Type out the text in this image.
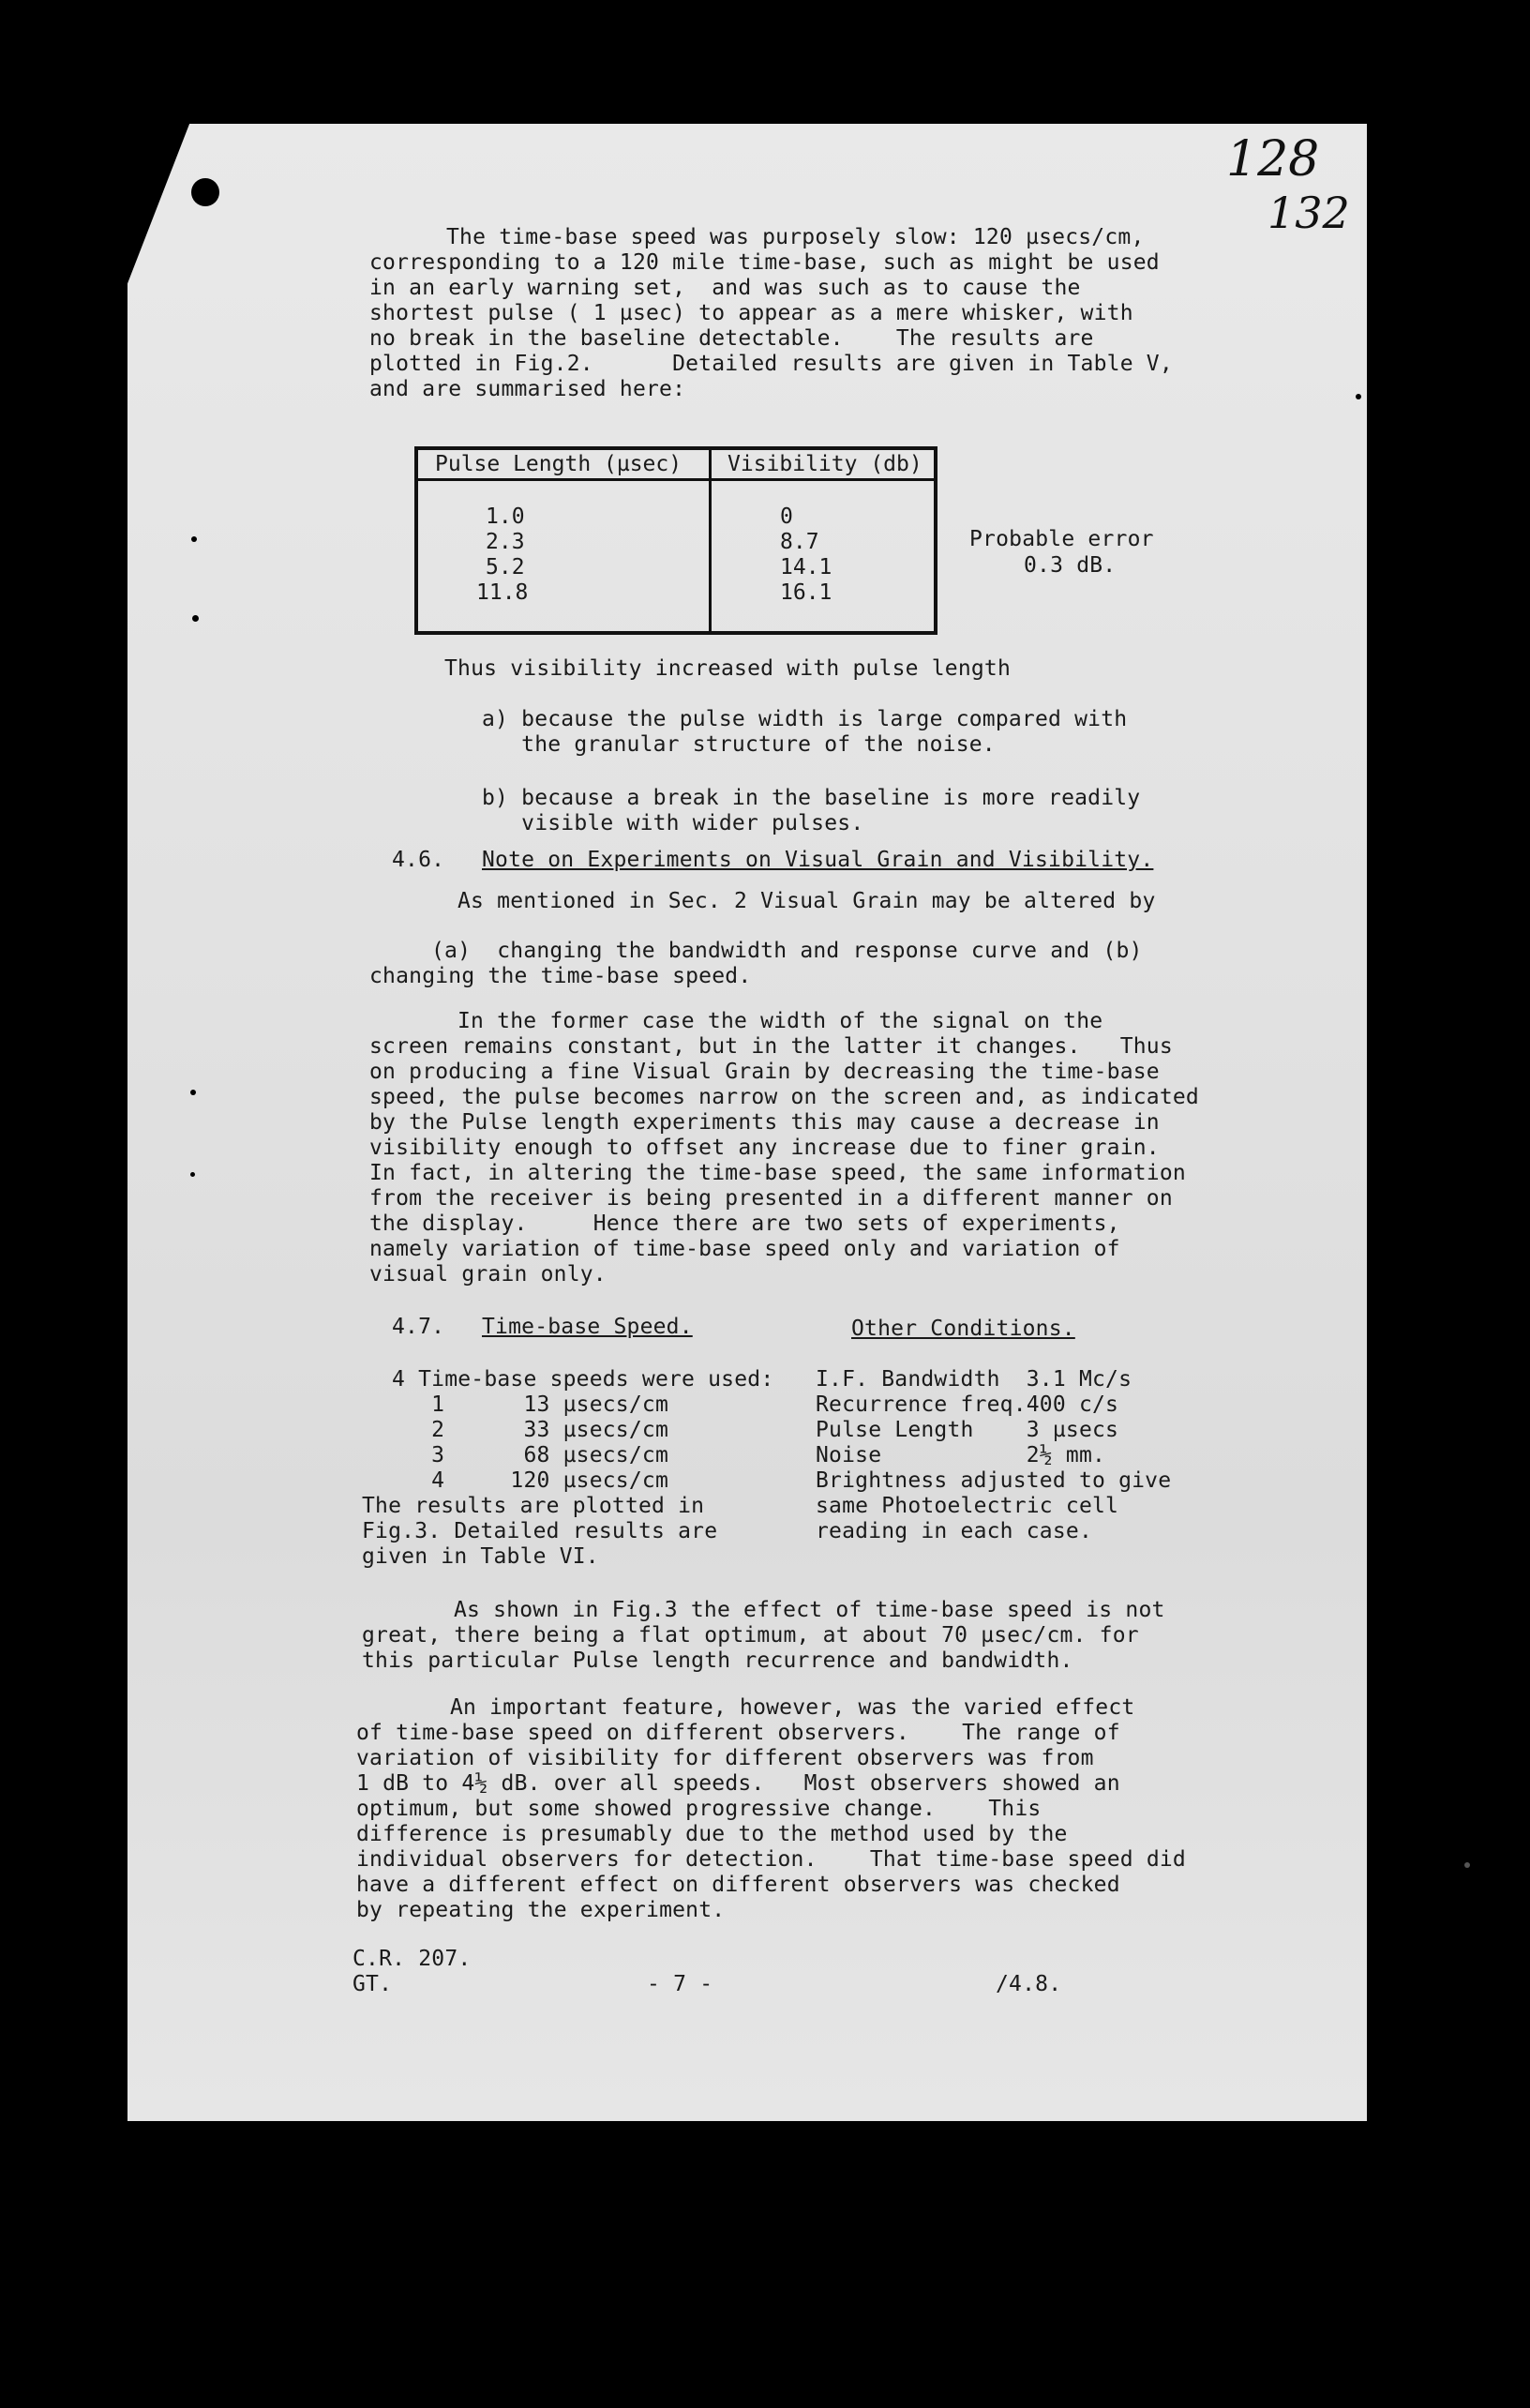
128
132
The time-base speed was purposely slow: 120 µsecs/cm,
corresponding to a 120 mile time-base, such as might be used
in an early warning set,  and was such as to cause the
shortest pulse ( 1 µsec) to appear as a mere whisker, with
no break in the baseline detectable.    The results are
plotted in Fig.2.      Detailed results are given in Table V,
and are summarised here:
Pulse Length (µsec) Visibility (db)
1.0	0
2.3	8.7
5.2	14.1
11.8	16.1
Probable error
0.3 dB.
Thus visibility increased with pulse length
a) because the pulse width is large compared with
the granular structure of the noise.
b) because a break in the baseline is more readily
visible with wider pulses.
4.6. Note on Experiments on Visual Grain and Visibility.
As mentioned in Sec. 2 Visual Grain may be altered by
(a)  changing the bandwidth and response curve and (b)
changing the time-base speed.
In the former case the width of the signal on the
screen remains constant, but in the latter it changes.   Thus
on producing a fine Visual Grain by decreasing the time-base
speed, the pulse becomes narrow on the screen and, as indicated
by the Pulse length experiments this may cause a decrease in
visibility enough to offset any increase due to finer grain.
In fact, in altering the time-base speed, the same information
from the receiver is being presented in a different manner on
the display.     Hence there are two sets of experiments,
namely variation of time-base speed only and variation of
visual grain only.
4.7. Time-base Speed.	Other Conditions.
4 Time-base speeds were used:
1      13 µsecs/cm
2      33 µsecs/cm
3      68 µsecs/cm
4     120 µsecs/cm
The results are plotted in
Fig.3. Detailed results are
given in Table VI.
I.F. Bandwidth  3.1 Mc/s
Recurrence freq.400 c/s
Pulse Length    3 µsecs
Noise           2½ mm.
Brightness adjusted to give
same Photoelectric cell
reading in each case.
As shown in Fig.3 the effect of time-base speed is not
great, there being a flat optimum, at about 70 µsec/cm. for
this particular Pulse length recurrence and bandwidth.
An important feature, however, was the varied effect
of time-base speed on different observers.    The range of
variation of visibility for different observers was from
1 dB to 4½ dB. over all speeds.   Most observers showed an
optimum, but some showed progressive change.    This
difference is presumably due to the method used by the
individual observers for detection.    That time-base speed did
have a different effect on different observers was checked
by repeating the experiment.
C.R. 207.
GT.	- 7 -	/4.8.
